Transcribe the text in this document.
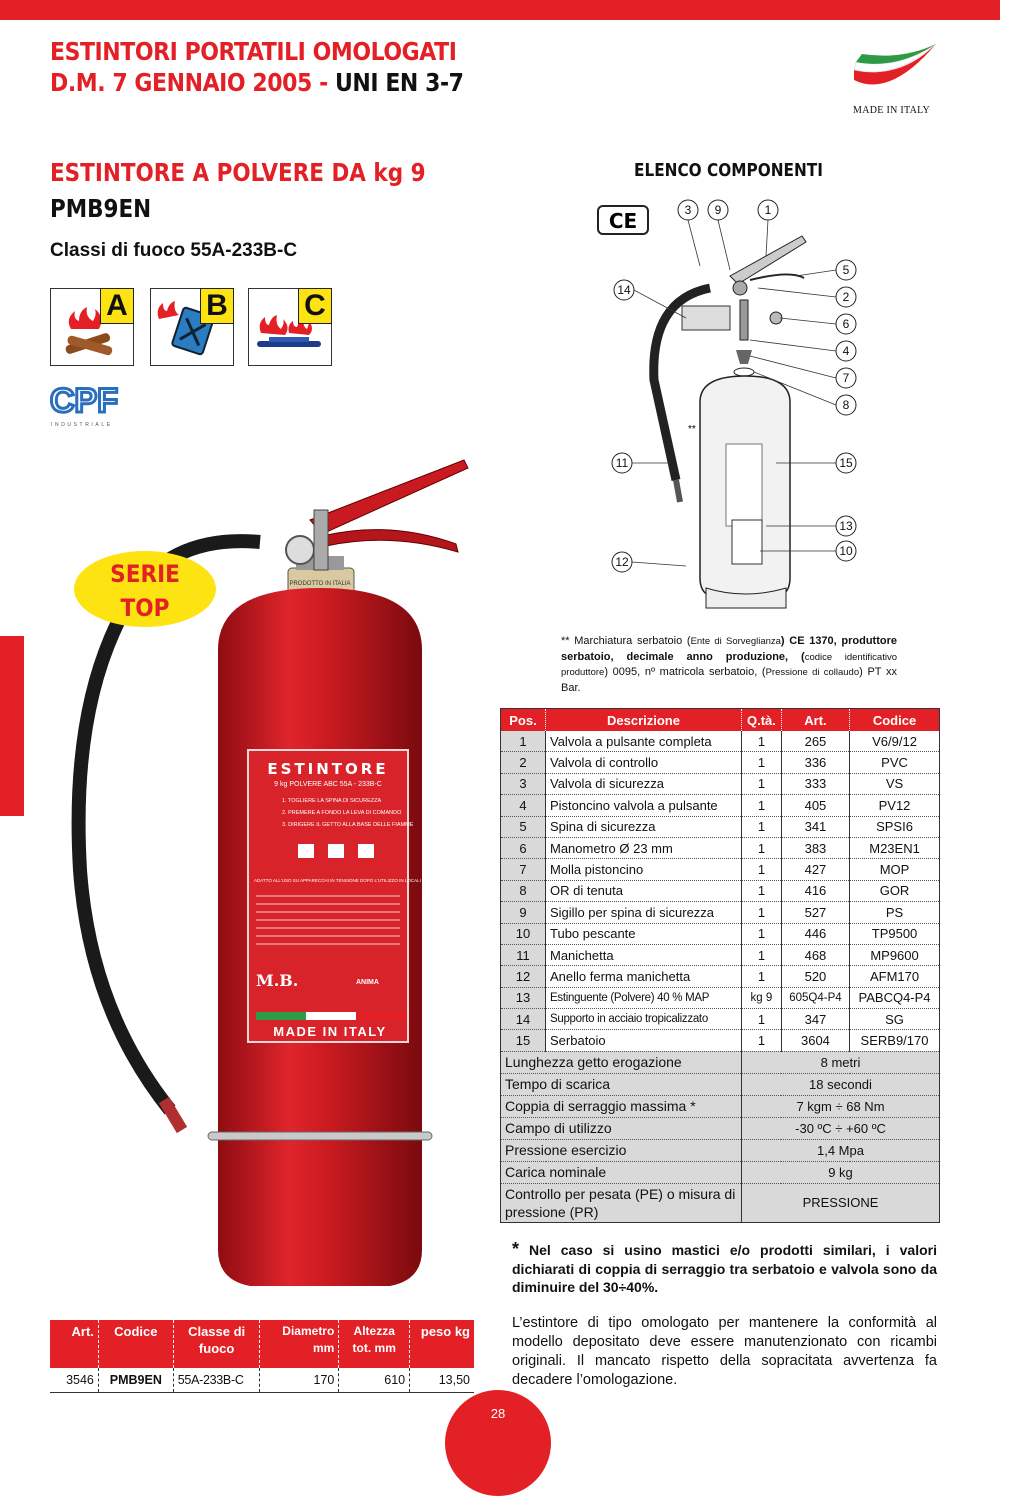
ESTINTORI PORTATILI OMOLOGATI
D.M. 7 GENNAIO 2005 - UNI EN 3-7
MADE IN ITALY
ESTINTORE A POLVERE DA kg 9
PMB9EN
Classi di fuoco 55A-233B-C
A	B	C
CPF
INDUSTRIALE
ELENCO COMPONENTI
CE
**
3 9	1
14
5
2
6
4
7
8
11	15
13
10
12
** Marchiatura serbatoio (Ente di Sorveglianza) CE 1370, produttore serbatoio, decimale anno produzione, (codice identificativo produttore) 0095, nº matricola serbatoio, (Pressione di collaudo) PT xx Bar.
Pos.	Descrizione	Q.tà.	Art.	Codice
1	Valvola a pulsante completa	1	265	V6/9/12
2	Valvola di controllo	1	336	PVC
3	Valvola di sicurezza	1	333	VS
4	Pistoncino valvola a pulsante	1	405	PV12
5	Spina di sicurezza	1	341	SPSI6
6	Manometro Ø 23 mm	1	383	M23EN1
7	Molla pistoncino	1	427	MOP
8	OR di tenuta	1	416	GOR
9	Sigillo per spina di sicurezza	1	527	PS
10	Tubo pescante	1	446	TP9500
11	Manichetta	1	468	MP9600
12	Anello ferma manichetta	1	520	AFM170
13	Estinguente (Polvere) 40 % MAP	kg 9	605Q4-P4	PABCQ4-P4
14	Supporto in acciaio tropicalizzato	1	347	SG
15	Serbatoio	1	3604	SERB9/170
Lunghezza getto erogazione		8 metri		
Tempo di scarica		18 secondi		
Coppia di serraggio massima *		7 kgm ÷ 68 Nm		
Campo di utilizzo		-30 ºC ÷ +60 ºC		
Pressione esercizio		1,4 Mpa		
Carica nominale		9 kg		
Controllo per pesata (PE) o misura di pressione (PR)		PRESSIONE		
* Nel caso si usino mastici e/o prodotti similari, i valori dichiarati di coppia di serraggio tra serbatoio e valvola sono da diminuire del 30÷40%.
L’estintore di tipo omologato per mantenere la conformità al modello depositato deve essere manutenzionato con ricambi originali. Il mancato rispetto della sopracitata avvertenza fa decadere l’omologazione.
ESTINTORE
9 kg POLVERE ABC 55A - 233B-C
1. TOGLIERE LA SPINA DI SICUREZZA
2. PREMERE A FONDO LA LEVA DI COMANDO
3. DIRIGERE IL GETTO ALLA BASE DELLE FIAMME
ADATTO ALL'USO SU APPARECCHI IN TENSIONE DOPO L'UTILIZZO IN LOCALI CHIUSI AREARE
M.B.	ANIMA
MADE IN ITALY
PRODOTTO IN ITALIA
SERIE
TOP
Art.	Codice	Classe di fuoco	Diametro mm	Altezza tot. mm	peso kg
3546	PMB9EN	55A-233B-C	170	610	13,50
28
